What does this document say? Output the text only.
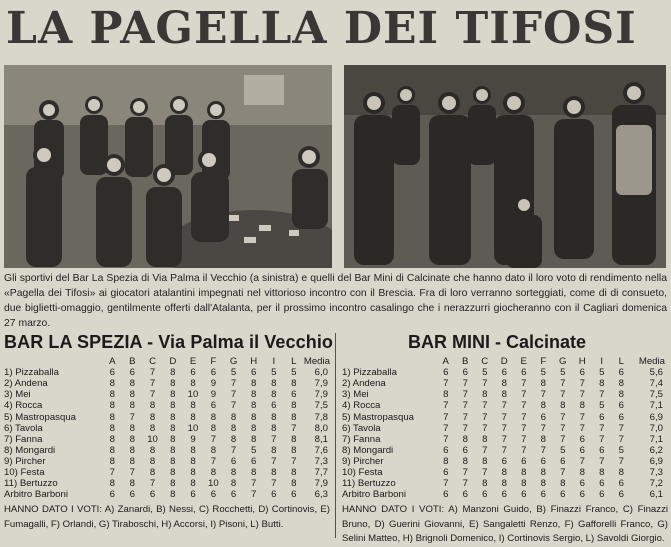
LA PAGELLA DEI TIFOSI
Gli sportivi del Bar La Spezia di Via Palma il Vecchio (a sinistra) e quelli del Bar Mini di Calcinate che hanno dato il loro voto di rendimento nella «Pagella dei Tifosi» ai giocatori atalantini impegnati nel vittorioso incontro con il Brescia. Fra di loro verranno sorteggiati, come di di consueto, due biglietti-omaggio, gentilmente offerti dall'Atalanta, per il prossimo incontro casalingo che i nerazzurri giocheranno con il Cagliari domenica 27 marzo.
BAR LA SPEZIA - Via Palma il Vecchio
	A	B	C	D	E	F	G	H	I	L	Media
1) Pizzaballa	6	6	7	8	6	6	5	6	5	5	6,0
2) Andena	8	8	7	8	8	9	7	8	8	8	7,9
3) Mei	8	8	7	8	10	9	7	8	8	6	7,9
4) Rocca	8	8	8	8	8	6	7	8	6	8	7,5
5) Mastropasqua	8	7	8	8	8	8	8	8	8	8	7,8
6) Tavola	8	8	8	8	10	8	8	8	8	7	8,0
7) Fanna	8	8	10	8	9	7	8	8	7	8	8,1
8) Mongardi	8	8	8	8	8	8	7	5	8	8	7,6
9) Pircher	8	8	8	8	8	7	6	6	7	7	7,3
10) Festa	7	7	8	8	8	8	8	8	8	8	7,7
11) Bertuzzo	8	8	7	8	8	10	8	7	7	8	7,9
Arbitro Barboni	6	6	6	8	6	6	6	7	6	6	6,3
HANNO DATO I VOTI: A) Zanardi, B) Nessi, C) Rocchetti, D) Cortinovis, E) Fumagalli, F) Orlandi, G) Tiraboschi, H) Accorsi, I) Pisoni, L) Butti.
BAR MINI - Calcinate
	A	B	C	D	E	F	G	H	I	L	Media
1) Pizzaballa	6	6	5	6	6	5	5	6	5	6	5,6
2) Andena	7	7	7	8	7	8	7	7	8	8	7,4
3) Mei	8	7	8	8	7	7	7	7	7	8	7,5
4) Rocca	7	7	7	7	7	8	8	8	5	6	7,1
5) Mastropasqua	7	7	7	7	7	6	7	7	6	6	6,9
6) Tavola	7	7	7	7	7	7	7	7	7	7	7,0
7) Fanna	7	8	8	7	7	8	7	6	7	7	7,1
8) Mongardi	6	6	7	7	7	7	5	6	6	5	6,2
9) Pircher	8	8	8	6	6	6	6	7	7	7	6,9
10) Festa	6	7	7	8	8	8	7	8	8	8	7,3
11) Bertuzzo	7	7	8	8	8	8	8	6	6	6	7,2
Arbitro Barboni	6	6	6	6	6	6	6	6	6	6	6,1
HANNO DATO I VOTI: A) Manzoni Guido, B) Finazzi Franco, C) Finazzi Bruno, D) Guerini Giovanni, E) Sangaletti Renzo, F) Gafforelli Franco, G) Selini Matteo, H) Brignoli Domenico, I) Cortinovis Sergio, L) Savoldi Giorgio.
